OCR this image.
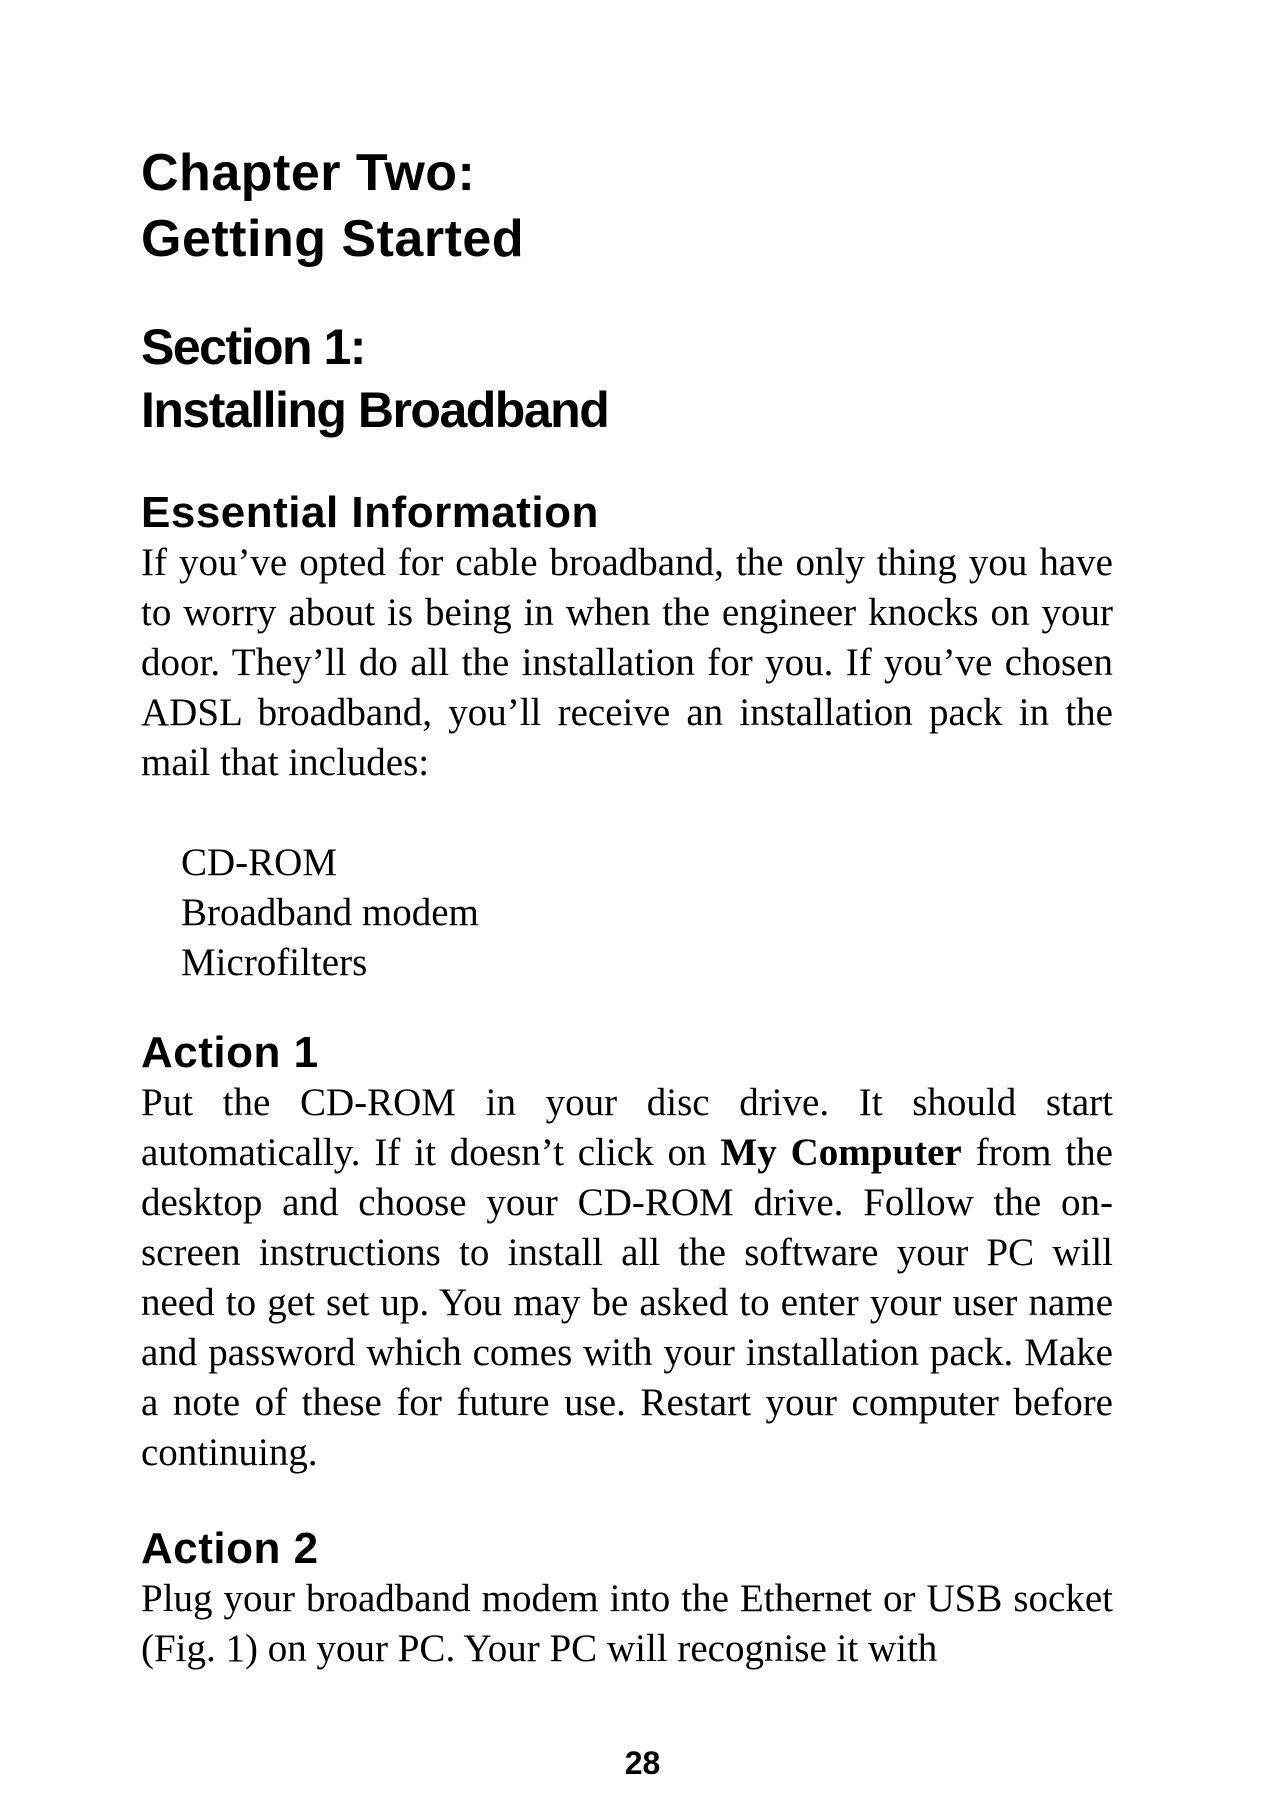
Chapter Two:
Getting Started
Section 1:
Installing Broadband
Essential Information

If you’ve opted for cable broadband, the only thing you have to worry about is being in when the engineer knocks on your door. They’ll do all the installation for you. If you’ve chosen ADSL broadband, you’ll receive an installation pack in the mail that includes:

CD-ROM
Broadband modem
Microfilters
Action 1

Put the CD-ROM in your disc drive. It should start automatically. If it doesn’t click on My Computer from the desktop and choose your CD-ROM drive. Follow the on-screen instructions to install all the software your PC will need to get set up. You may be asked to enter your user name and password which comes with your installation pack. Make a note of these for future use. Restart your computer before continuing.

Action 2

Plug your broadband modem into the Ethernet or USB socket (Fig. 1) on your PC. Your PC will recognise it with

28
